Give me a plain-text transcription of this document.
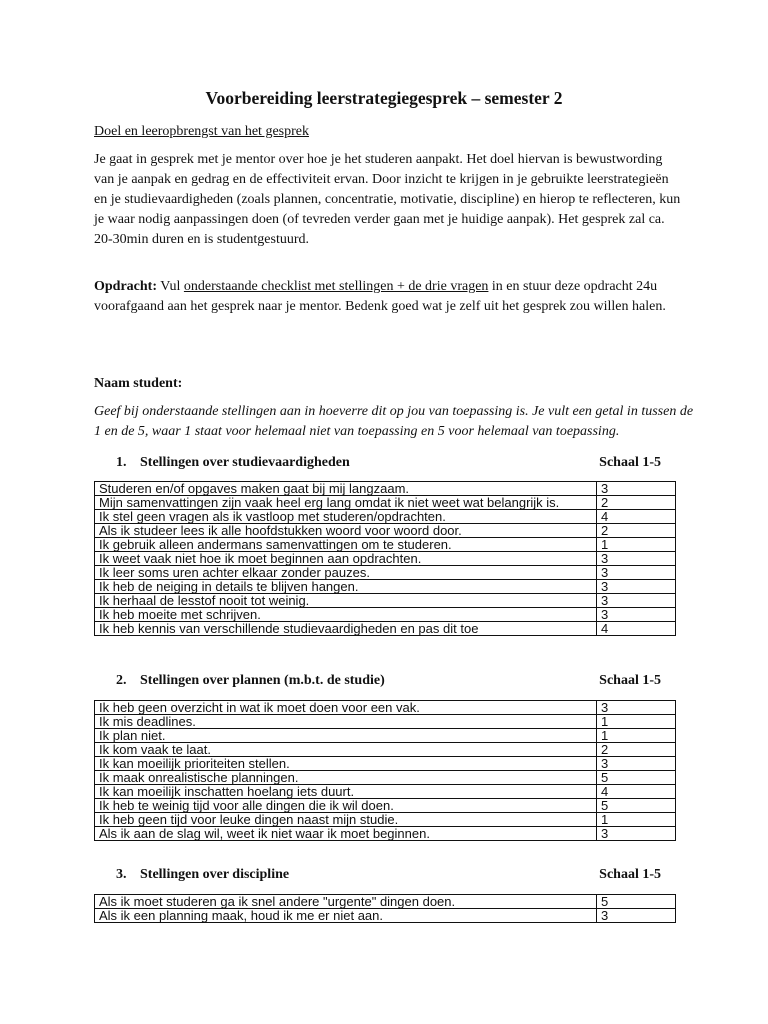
Voorbereiding leerstrategiegesprek – semester 2
Doel en leeropbrengst van het gesprek
Je gaat in gesprek met je mentor over hoe je het studeren aanpakt. Het doel hiervan is bewustwording van je aanpak en gedrag en de effectiviteit ervan. Door inzicht te krijgen in je gebruikte leerstrategieën en je studievaardigheden (zoals plannen, concentratie, motivatie, discipline) en hierop te reflecteren, kun je waar nodig aanpassingen doen (of tevreden verder gaan met je huidige aanpak). Het gesprek zal ca. 20-30min duren en is studentgestuurd.
Opdracht: Vul onderstaande checklist met stellingen + de drie vragen in en stuur deze opdracht 24u voorafgaand aan het gesprek naar je mentor. Bedenk goed wat je zelf uit het gesprek zou willen halen.
Naam student:
Geef bij onderstaande stellingen aan in hoeverre dit op jou van toepassing is. Je vult een getal in tussen de 1 en de 5, waar 1 staat voor helemaal niet van toepassing en 5 voor helemaal van toepassing.
1. Stellingen over studievaardigheden	Schaal 1-5
Studeren en/of opgaves maken gaat bij mij langzaam.	3
Mijn samenvattingen zijn vaak heel erg lang omdat ik niet weet wat belangrijk is.	2
Ik stel geen vragen als ik vastloop met studeren/opdrachten.	4
Als ik studeer lees ik alle hoofdstukken woord voor woord door.	2
Ik gebruik alleen andermans samenvattingen om te studeren.	1
Ik weet vaak niet hoe ik moet beginnen aan opdrachten.	3
Ik leer soms uren achter elkaar zonder pauzes.	3
Ik heb de neiging in details te blijven hangen.	3
Ik herhaal de lesstof nooit tot weinig.	3
Ik heb moeite met schrijven.	3
Ik heb kennis van verschillende studievaardigheden en pas dit toe	4
2. Stellingen over plannen (m.b.t. de studie)	Schaal 1-5
Ik heb geen overzicht in wat ik moet doen voor een vak.	3
Ik mis deadlines.	1
Ik plan niet.	1
Ik kom vaak te laat.	2
Ik kan moeilijk prioriteiten stellen.	3
Ik maak onrealistische planningen.	5
Ik kan moeilijk inschatten hoelang iets duurt.	4
Ik heb te weinig tijd voor alle dingen die ik wil doen.	5
Ik heb geen tijd voor leuke dingen naast mijn studie.	1
Als ik aan de slag wil, weet ik niet waar ik moet beginnen.	3
3. Stellingen over discipline	Schaal 1-5
Als ik moet studeren ga ik snel andere "urgente" dingen doen.	5
Als ik een planning maak, houd ik me er niet aan.	3
